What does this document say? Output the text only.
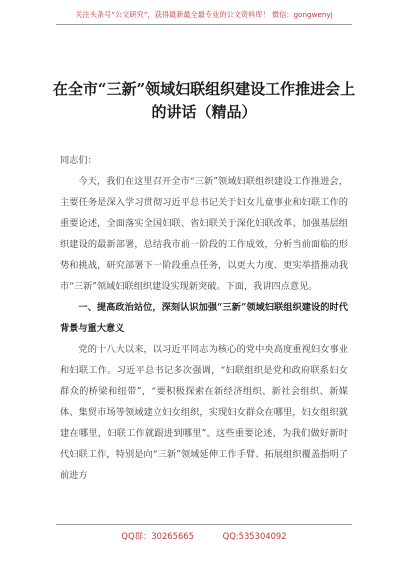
关注头条号“公文研究”，获得最新最全最专业的公文资料库！ 微信：gongwenyj
在全市“三新”领域妇联组织建设工作推进会上的讲话（精品）

同志们：

今天，我们在这里召开全市“三新”领域妇联组织建设工作推进会，主要任务是深入学习贯彻习近平总书记关于妇女儿童事业和妇联工作的重要论述，全面落实全国妇联、省妇联关于深化妇联改革、加强基层组织建设的最新部署，总结我市前一阶段的工作成效，分析当前面临的形势和挑战，研究部署下一阶段重点任务，以更大力度、更实举措推动我市“三新”领域妇联组织建设实现新突破。下面，我讲四点意见。

一、提高政治站位，深刻认识加强“三新”领域妇联组织建设的时代背景与重大意义

党的十八大以来，以习近平同志为核心的党中央高度重视妇女事业和妇联工作。习近平总书记多次强调，“妇联组织是党和政府联系妇女群众的桥梁和纽带”，“要积极探索在新经济组织、新社会组织、新媒体、集贸市场等领域建立妇女组织，实现妇女群众在哪里，妇女组织就建在哪里，妇联工作就跟进到哪里”。这些重要论述，为我们做好新时代妇联工作，特别是向“三新”领域延伸工作手臂、拓展组织覆盖指明了前进方

QQ群：30265665	QQ:535304092
